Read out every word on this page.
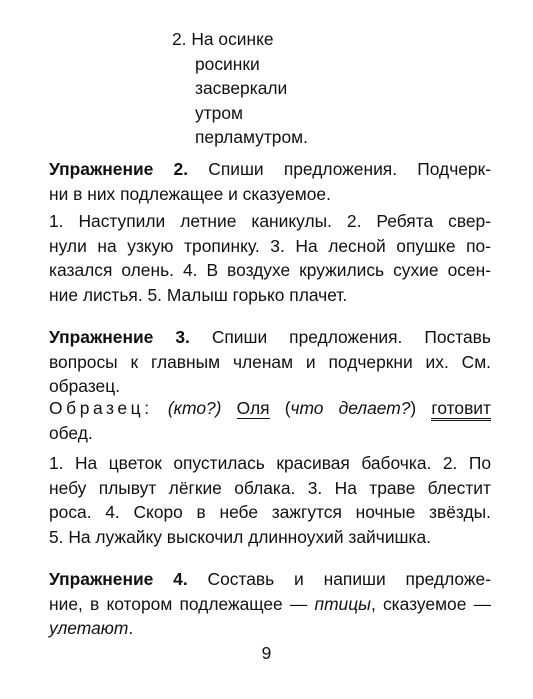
2. На осинке
росинки
засверкали
утром
перламутром.
Упражнение 2. Спиши предложения. Подчерк-
ни в них подлежащее и сказуемое.
1. Наступили летние каникулы. 2. Ребята свер-
нули на узкую тропинку. 3. На лесной опушке по-
казался олень. 4. В воздухе кружились сухие осен-
ние листья. 5. Малыш горько плачет.
Упражнение 3. Спиши предложения. Поставь
вопросы к главным членам и подчеркни их. См.
образец.
Образец: (кто?) Оля (что делает?) готовит
обед.
1. На цветок опустилась красивая бабочка. 2. По
небу плывут лёгкие облака. 3. На траве блестит
роса. 4. Скоро в небе зажгутся ночные звёзды.
5. На лужайку выскочил длинноухий зайчишка.
Упражнение 4. Составь и напиши предложе-
ние, в котором подлежащее — птицы, сказуемое —
улетают.
9
